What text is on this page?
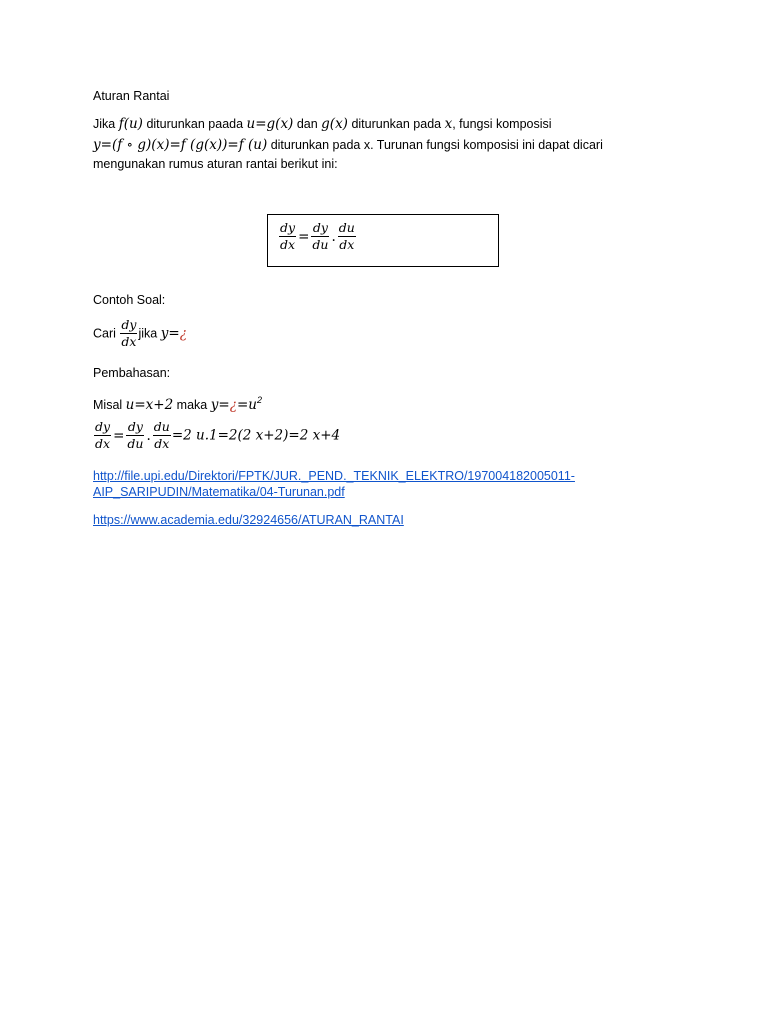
Aturan Rantai
Jika f(u) diturunkan paada u=g(x) dan g(x) diturunkan pada x, fungsi komposisi
y=(f ∘ g)(x)=f (g(x))=f (u) diturunkan pada x. Turunan fungsi komposisi ini dapat dicari
mengunakan rumus aturan rantai berikut ini:
$\frac{dy}{dx} = \frac{dy}{du}$ . $\frac{du}{dx}$
Contoh Soal:
Cari $\frac{dy}{dx}$ jika y=¿
Pembahasan:
Misal u=x+2 maka $y=¿=u^2$
$\frac{dy}{dx} = \frac{dy}{du}$ . $\frac{du}{dx} =2$ u.1=2(2 x+2)=2 x+4
http://file.upi.edu/Direktori/FPTK/JUR._PEND._TEKNIK_ELEKTRO/197004182005011-
AIP_SARIPUDIN/Matematika/04-Turunan.pdf
https://www.academia.edu/32924656/ATURAN_RANTAI
